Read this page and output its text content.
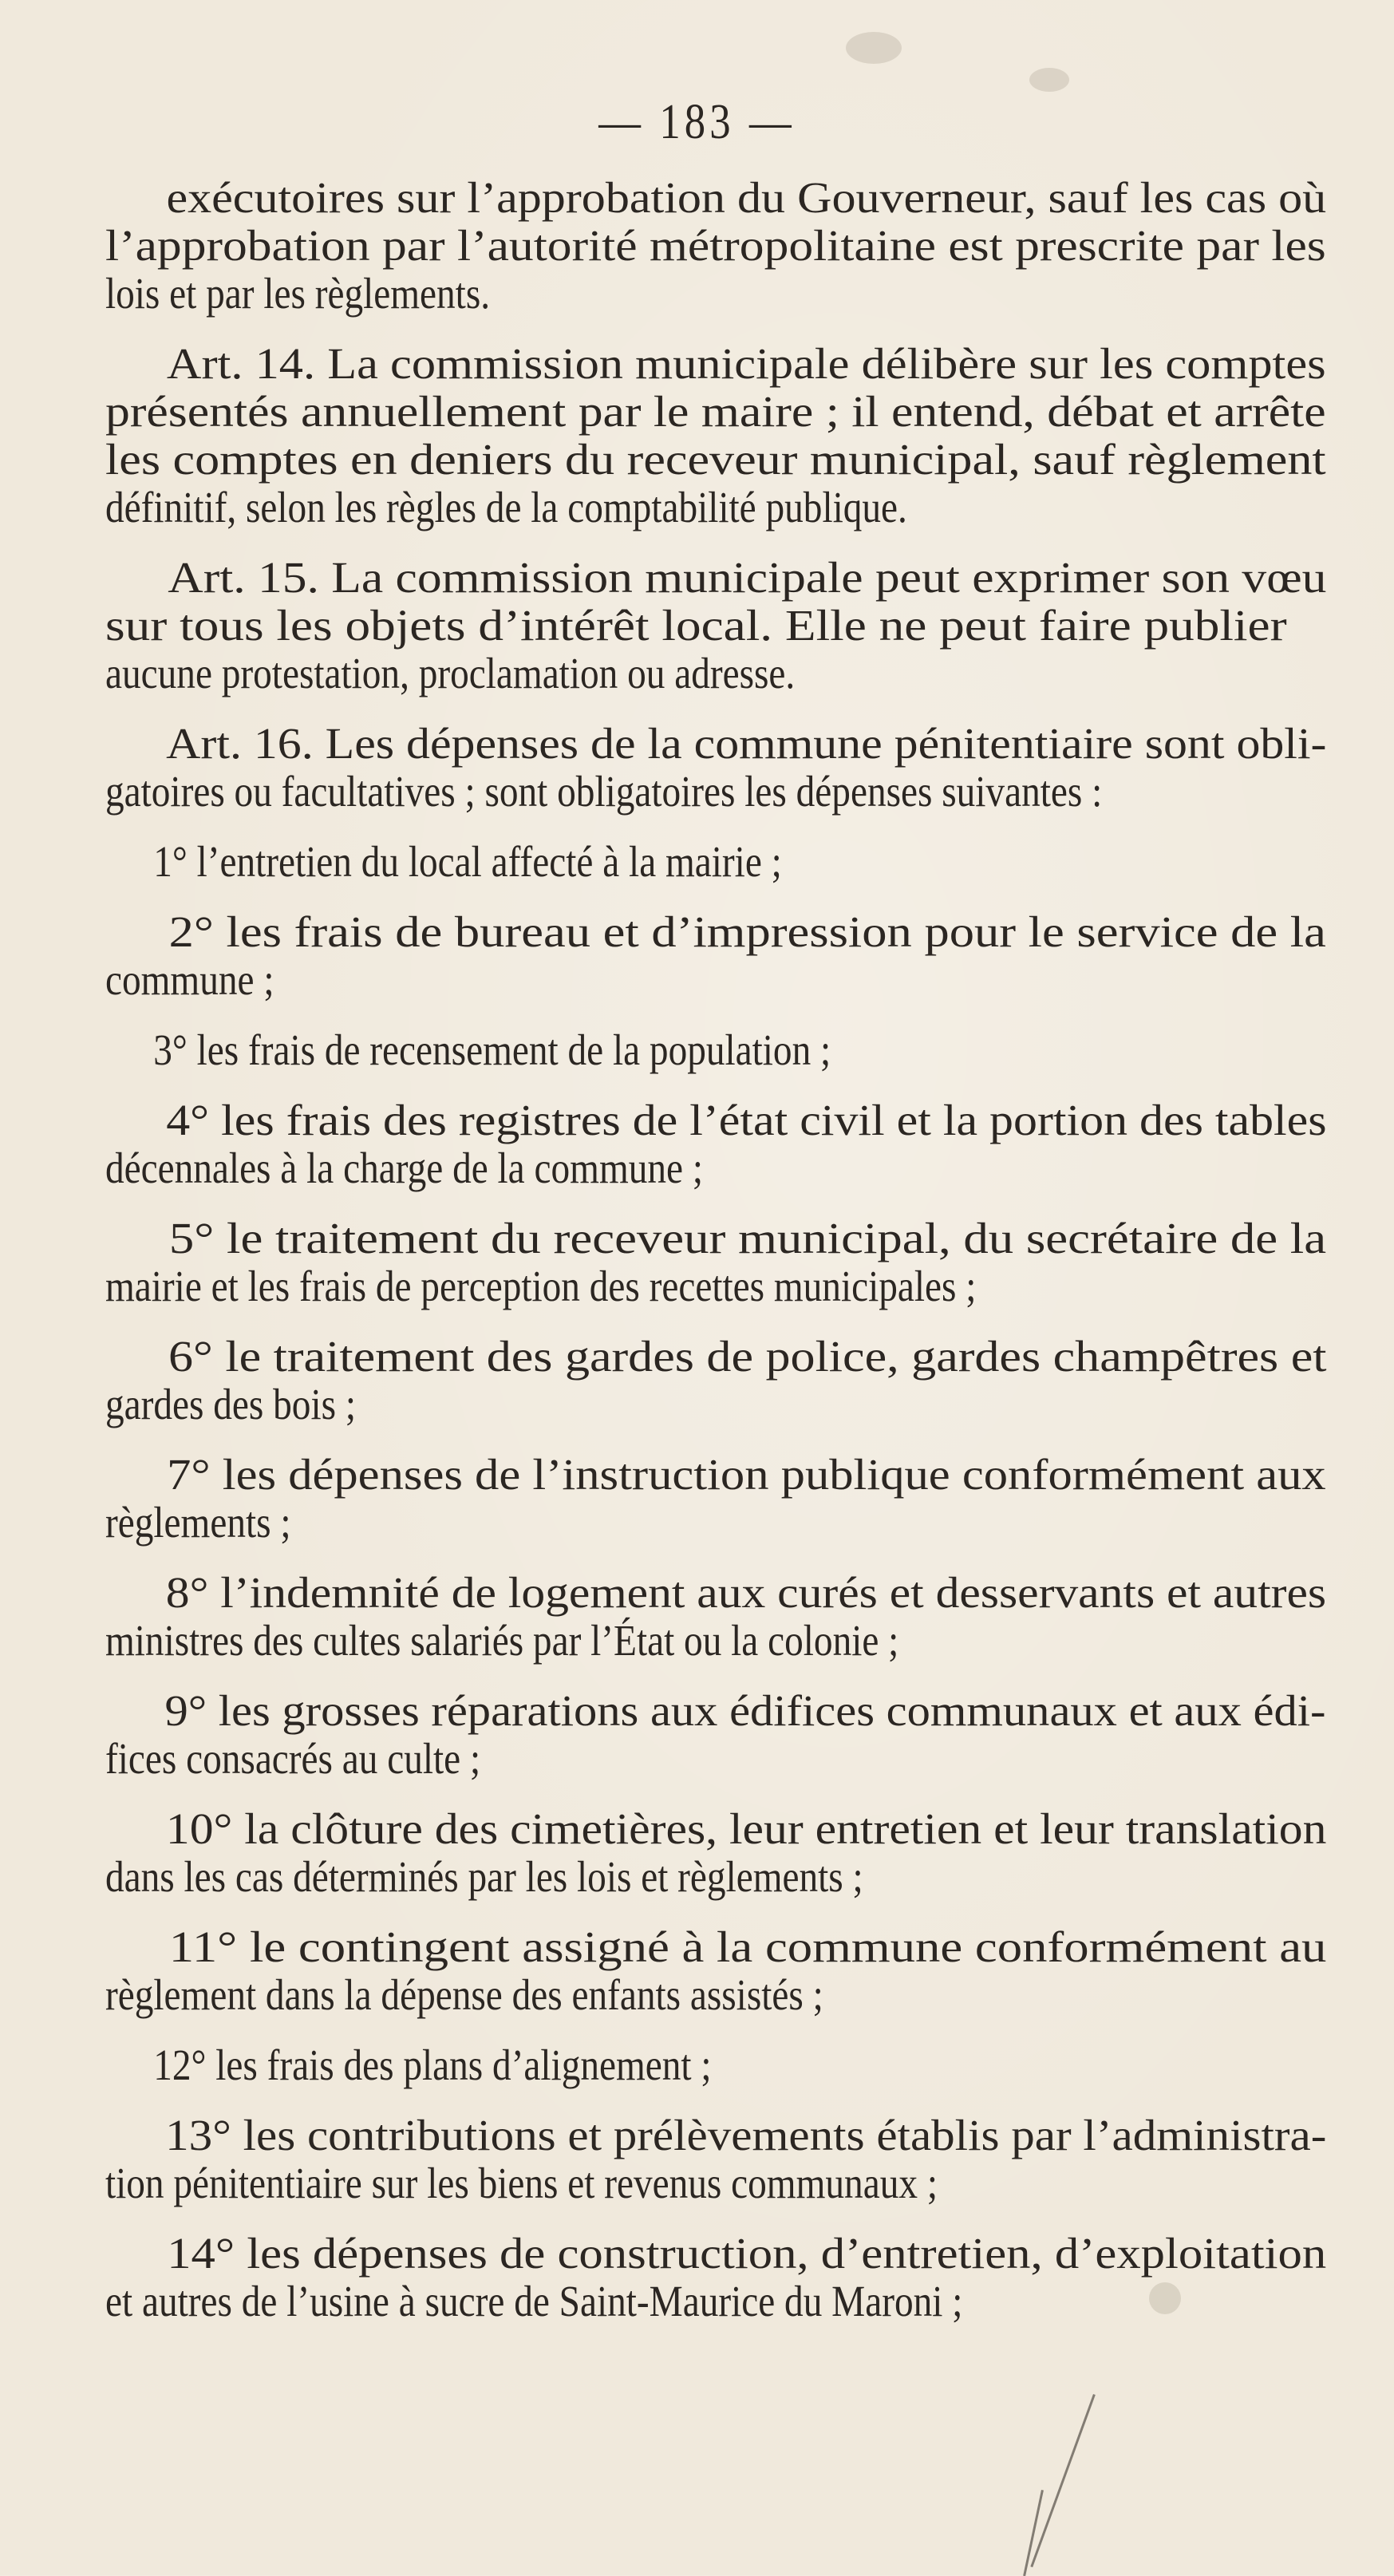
— 183 —
exécutoires sur l’approbation du Gouverneur, sauf les cas où
l’approbation par l’autorité métropolitaine est prescrite par les
lois et par les règlements.
Art. 14. La commission municipale délibère sur les comptes
présentés annuellement par le maire ; il entend, débat et arrête
les comptes en deniers du receveur municipal, sauf règlement
définitif, selon les règles de la comptabilité publique.
Art. 15. La commission municipale peut exprimer son vœu
sur tous les objets d’intérêt local. Elle ne peut faire publier
aucune protestation, proclamation ou adresse.
Art. 16. Les dépenses de la commune pénitentiaire sont obli-
gatoires ou facultatives ; sont obligatoires les dépenses suivantes :
1° l’entretien du local affecté à la mairie ;
2° les frais de bureau et d’impression pour le service de la
commune ;
3° les frais de recensement de la population ;
4° les frais des registres de l’état civil et la portion des tables
décennales à la charge de la commune ;
5° le traitement du receveur municipal, du secrétaire de la
mairie et les frais de perception des recettes municipales ;
6° le traitement des gardes de police, gardes champêtres et
gardes des bois ;
7° les dépenses de l’instruction publique conformément aux
règlements ;
8° l’indemnité de logement aux curés et desservants et autres
ministres des cultes salariés par l’État ou la colonie ;
9° les grosses réparations aux édifices communaux et aux édi-
fices consacrés au culte ;
10° la clôture des cimetières, leur entretien et leur translation
dans les cas déterminés par les lois et règlements ;
11° le contingent assigné à la commune conformément au
règlement dans la dépense des enfants assistés ;
12° les frais des plans d’alignement ;
13° les contributions et prélèvements établis par l’administra-
tion pénitentiaire sur les biens et revenus communaux ;
14° les dépenses de construction, d’entretien, d’exploitation
et autres de l’usine à sucre de Saint-Maurice du Maroni ;
